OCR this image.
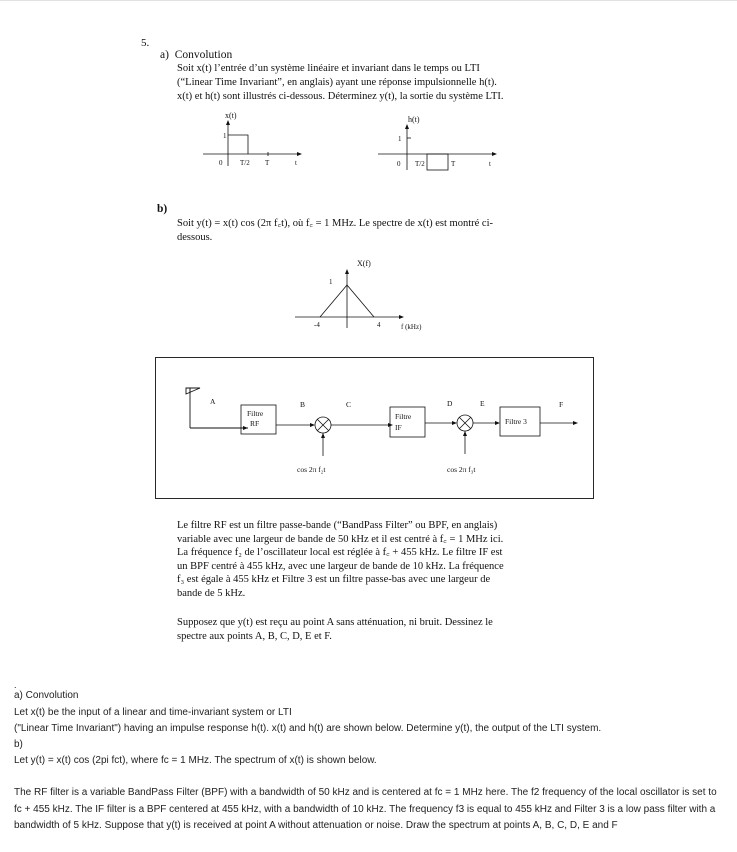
5.
a) Convolution
Soit x(t) l’entrée d’un système linéaire et invariant dans le temps ou LTI
(“Linear Time Invariant”, en anglais) ayant une réponse impulsionnelle h(t).
x(t) et h(t) sont illustrés ci-dessous. Déterminez y(t), la sortie du système LTI.
x(t)
1
0	T/2 T	t
h(t)
1
0 T/2	T	t
b)
Soit y(t) = x(t) cos (2π f꜀t), où f꜀ = 1 MHz. Le spectre de x(t) est montré ci-
dessous.
X(f)
1
-4	4	f (kHz)
Filtre
RF
cos 2π f₂t
Filtre
IF
cos 2π f₃t
Filtre 3
A	B	C	D	E	F
Le filtre RF est un filtre passe-bande (“BandPass Filter” ou BPF, en anglais)
variable avec une largeur de bande de 50 kHz et il est centré à f꜀ = 1 MHz ici.
La fréquence f₂ de l’oscillateur local est réglée à f꜀ + 455 kHz. Le filtre IF est
un BPF centré à 455 kHz, avec une largeur de bande de 10 kHz. La fréquence
f₃ est égale à 455 kHz et Filtre 3 est un filtre passe-bas avec une largeur de
bande de 5 kHz.
Supposez que y(t) est reçu au point A sans atténuation, ni bruit. Dessinez le
spectre aux points A, B, C, D, E et F.
.
a) Convolution
Let x(t) be the input of a linear and time-invariant system or LTI
("Linear Time Invariant") having an impulse response h(t). x(t) and h(t) are shown below. Determine y(t), the output of the LTI system.
b)
Let y(t) = x(t) cos (2pi fct), where fc = 1 MHz. The spectrum of x(t) is shown below.
The RF filter is a variable BandPass Filter (BPF) with a bandwidth of 50 kHz and is centered at fc = 1 MHz here. The f2 frequency of the local oscillator is set to fc + 455 kHz. The IF filter is a BPF centered at 455 kHz, with a bandwidth of 10 kHz. The frequency f3 is equal to 455 kHz and Filter 3 is a low pass filter with a bandwidth of 5 kHz. Suppose that y(t) is received at point A without attenuation or noise. Draw the spectrum at points A, B, C, D, E and F
